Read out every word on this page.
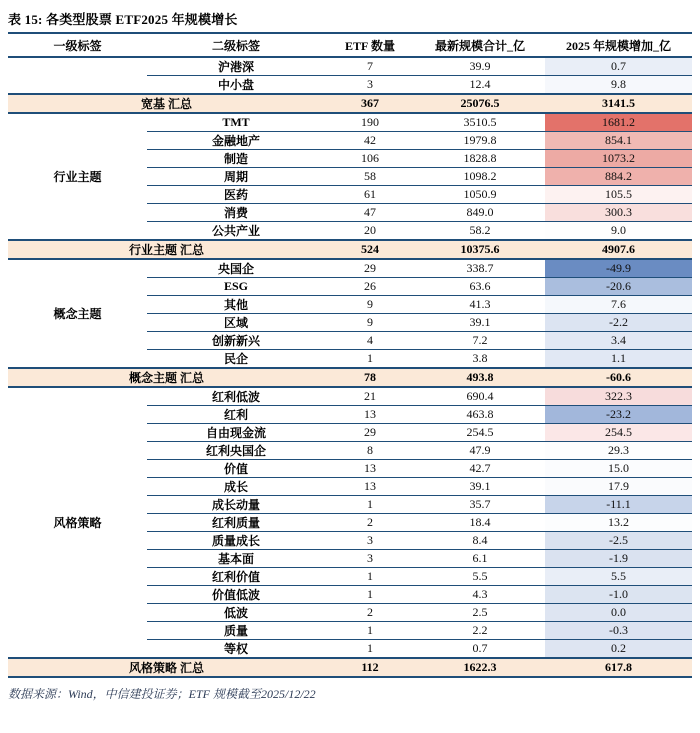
表 15: 各类型股票 ETF2025 年规模增长
一级标签	二级标签	ETF 数量	最新规模合计_亿	2025 年规模增加_亿
	沪港深	7	39.9	0.7
	中小盘	3	12.4	9.8
宽基 汇总		367	25076.5	3141.5
行业主题	TMT	190	3510.5	1681.2
	金融地产	42	1979.8	854.1
	制造	106	1828.8	1073.2
	周期	58	1098.2	884.2
	医药	61	1050.9	105.5
	消费	47	849.0	300.3
	公共产业	20	58.2	9.0
行业主题 汇总		524	10375.6	4907.6
概念主题	央国企	29	338.7	-49.9
	ESG	26	63.6	-20.6
	其他	9	41.3	7.6
	区域	9	39.1	-2.2
	创新新兴	4	7.2	3.4
	民企	1	3.8	1.1
概念主题 汇总		78	493.8	-60.6
风格策略	红利低波	21	690.4	322.3
	红利	13	463.8	-23.2
	自由现金流	29	254.5	254.5
	红利央国企	8	47.9	29.3
	价值	13	42.7	15.0
	成长	13	39.1	17.9
	成长动量	1	35.7	-11.1
	红利质量	2	18.4	13.2
	质量成长	3	8.4	-2.5
	基本面	3	6.1	-1.9
	红利价值	1	5.5	5.5
	价值低波	1	4.3	-1.0
	低波	2	2.5	0.0
	质量	1	2.2	-0.3
	等权	1	0.7	0.2
风格策略 汇总		112	1622.3	617.8
数据来源：Wind，中信建投证券；ETF 规模截至2025/12/22
